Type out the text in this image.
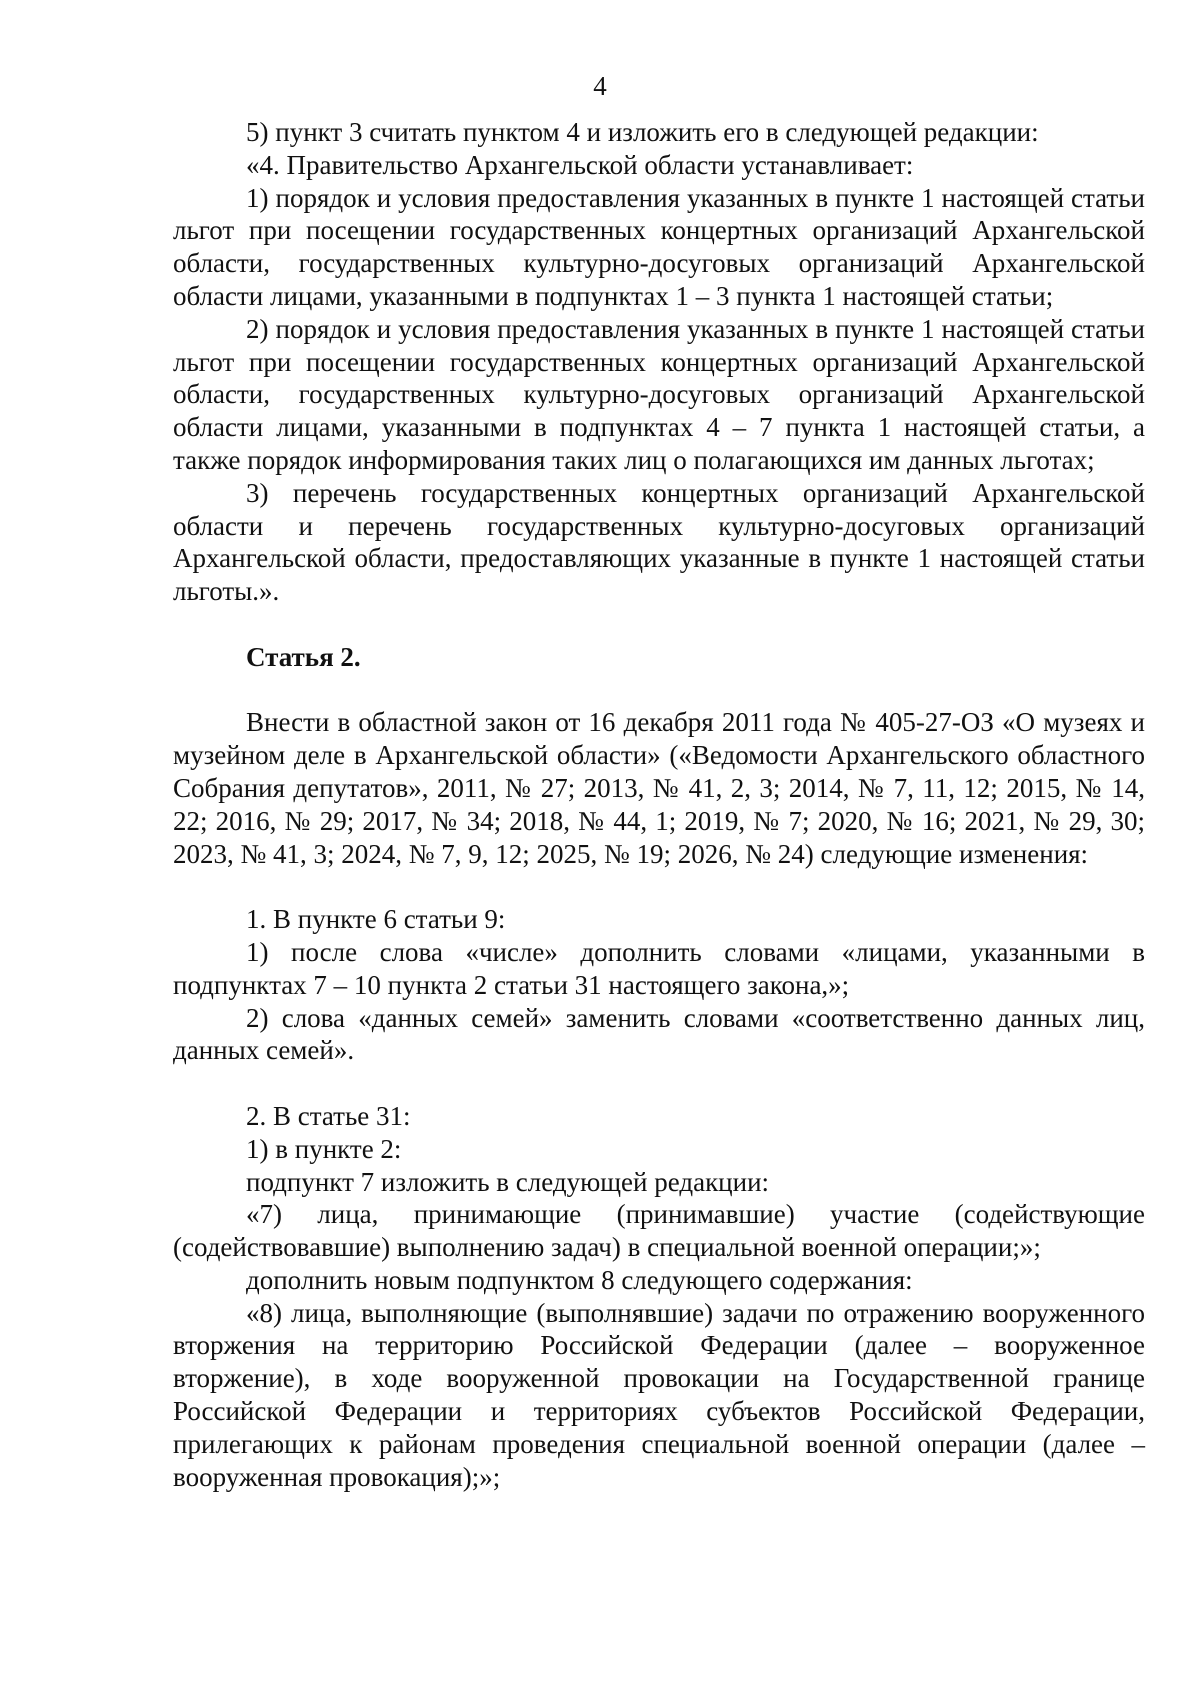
4

5) пункт 3 считать пунктом 4 и изложить его в следующей редакции:

«4. Правительство Архангельской области устанавливает:

1) порядок и условия предоставления указанных в пункте 1 настоящей статьи льгот при посещении государственных концертных организаций Архангельской области, государственных культурно-досуговых организаций Архангельской области лицами, указанными в подпунктах 1 – 3 пункта 1 настоящей статьи;

2) порядок и условия предоставления указанных в пункте 1 настоящей статьи льгот при посещении государственных концертных организаций Архангельской области, государственных культурно-досуговых организаций Архангельской области лицами, указанными в подпунктах 4 – 7 пункта 1 настоящей статьи, а также порядок информирования таких лиц о полагающихся им данных льготах;

3) перечень государственных концертных организаций Архангельской области и перечень государственных культурно-досуговых организаций Архангельской области, предоставляющих указанные в пункте 1 настоящей статьи льготы.».

Статья 2.

Внести в областной закон от 16 декабря 2011 года № 405-27-ОЗ «О музеях и музейном деле в Архангельской области» («Ведомости Архангельского областного Собрания депутатов», 2011, № 27; 2013, № 41, 2, 3; 2014, № 7, 11, 12; 2015, № 14, 22; 2016, № 29; 2017, № 34; 2018, № 44, 1; 2019, № 7; 2020, № 16; 2021, № 29, 30; 2023, № 41, 3; 2024, № 7, 9, 12; 2025, № 19; 2026, № 24) следующие изменения:

1. В пункте 6 статьи 9:

1) после слова «числе» дополнить словами «лицами, указанными в подпунктах 7 – 10 пункта 2 статьи 31 настоящего закона,»;

2) слова «данных семей» заменить словами «соответственно данных лиц, данных семей».

2. В статье 31:

1) в пункте 2:

подпункт 7 изложить в следующей редакции:

«7) лица, принимающие (принимавшие) участие (содействующие (содействовавшие) выполнению задач) в специальной военной операции;»;

дополнить новым подпунктом 8 следующего содержания:

«8) лица, выполняющие (выполнявшие) задачи по отражению вооруженного вторжения на территорию Российской Федерации (далее – вооруженное вторжение), в ходе вооруженной провокации на Государственной границе Российской Федерации и территориях субъектов Российской Федерации, прилегающих к районам проведения специальной военной операции (далее – вооруженная провокация);»;
